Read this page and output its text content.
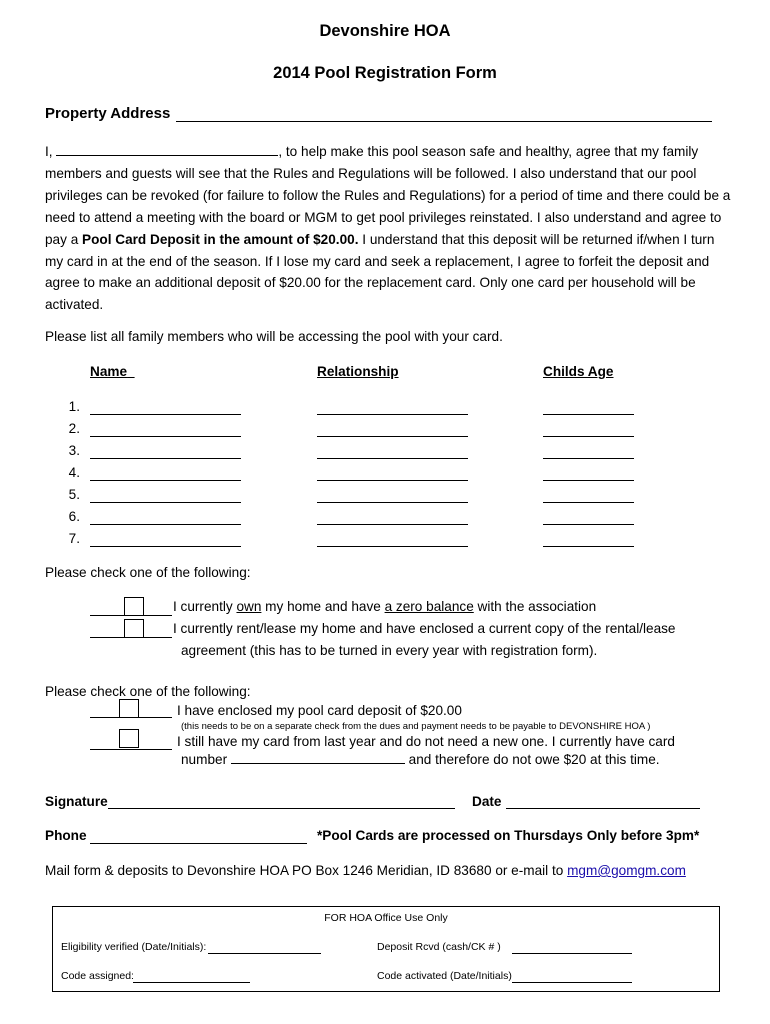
Devonshire HOA
2014 Pool Registration Form
Property Address
I,	, to help make this pool season safe and healthy, agree that my family members and guests will see that the Rules and Regulations will be followed. I also understand that our pool privileges can be revoked (for failure to follow the Rules and Regulations) for a period of time and there could be a need to attend a meeting with the board or MGM to get pool privileges reinstated. I also understand and agree to pay a Pool Card Deposit in the amount of $20.00. I understand that this deposit will be returned if/when I turn my card in at the end of the season. If I lose my card and seek a replacement, I agree to forfeit the deposit and agree to make an additional deposit of $20.00 for the replacement card. Only one card per household will be activated.
Please list all family members who will be accessing the pool with your card.
Name	Relationship	Childs Age
1.
2.
3.
4.
5.
6.
7.
Please check one of the following:
I currently own my home and have a zero balance with the association
I currently rent/lease my home and have enclosed a current copy of the rental/lease
agreement (this has to be turned in every year with registration form).
Please check one of the following:
I have enclosed my pool card deposit of $20.00
(this needs to be on a separate check from the dues and payment needs to be payable to DEVONSHIRE HOA )
I still have my card from last year and do not need a new one. I currently have card
number	and therefore do not owe $20 at this time.
Signature	Date
Phone	*Pool Cards are processed on Thursdays Only before 3pm*
Mail form & deposits to Devonshire HOA PO Box 1246 Meridian, ID 83680 or e-mail to mgm@gomgm.com
FOR HOA Office Use Only
Eligibility verified (Date/Initials):	Deposit Rcvd (cash/CK # )
Code assigned:	Code activated (Date/Initials)
